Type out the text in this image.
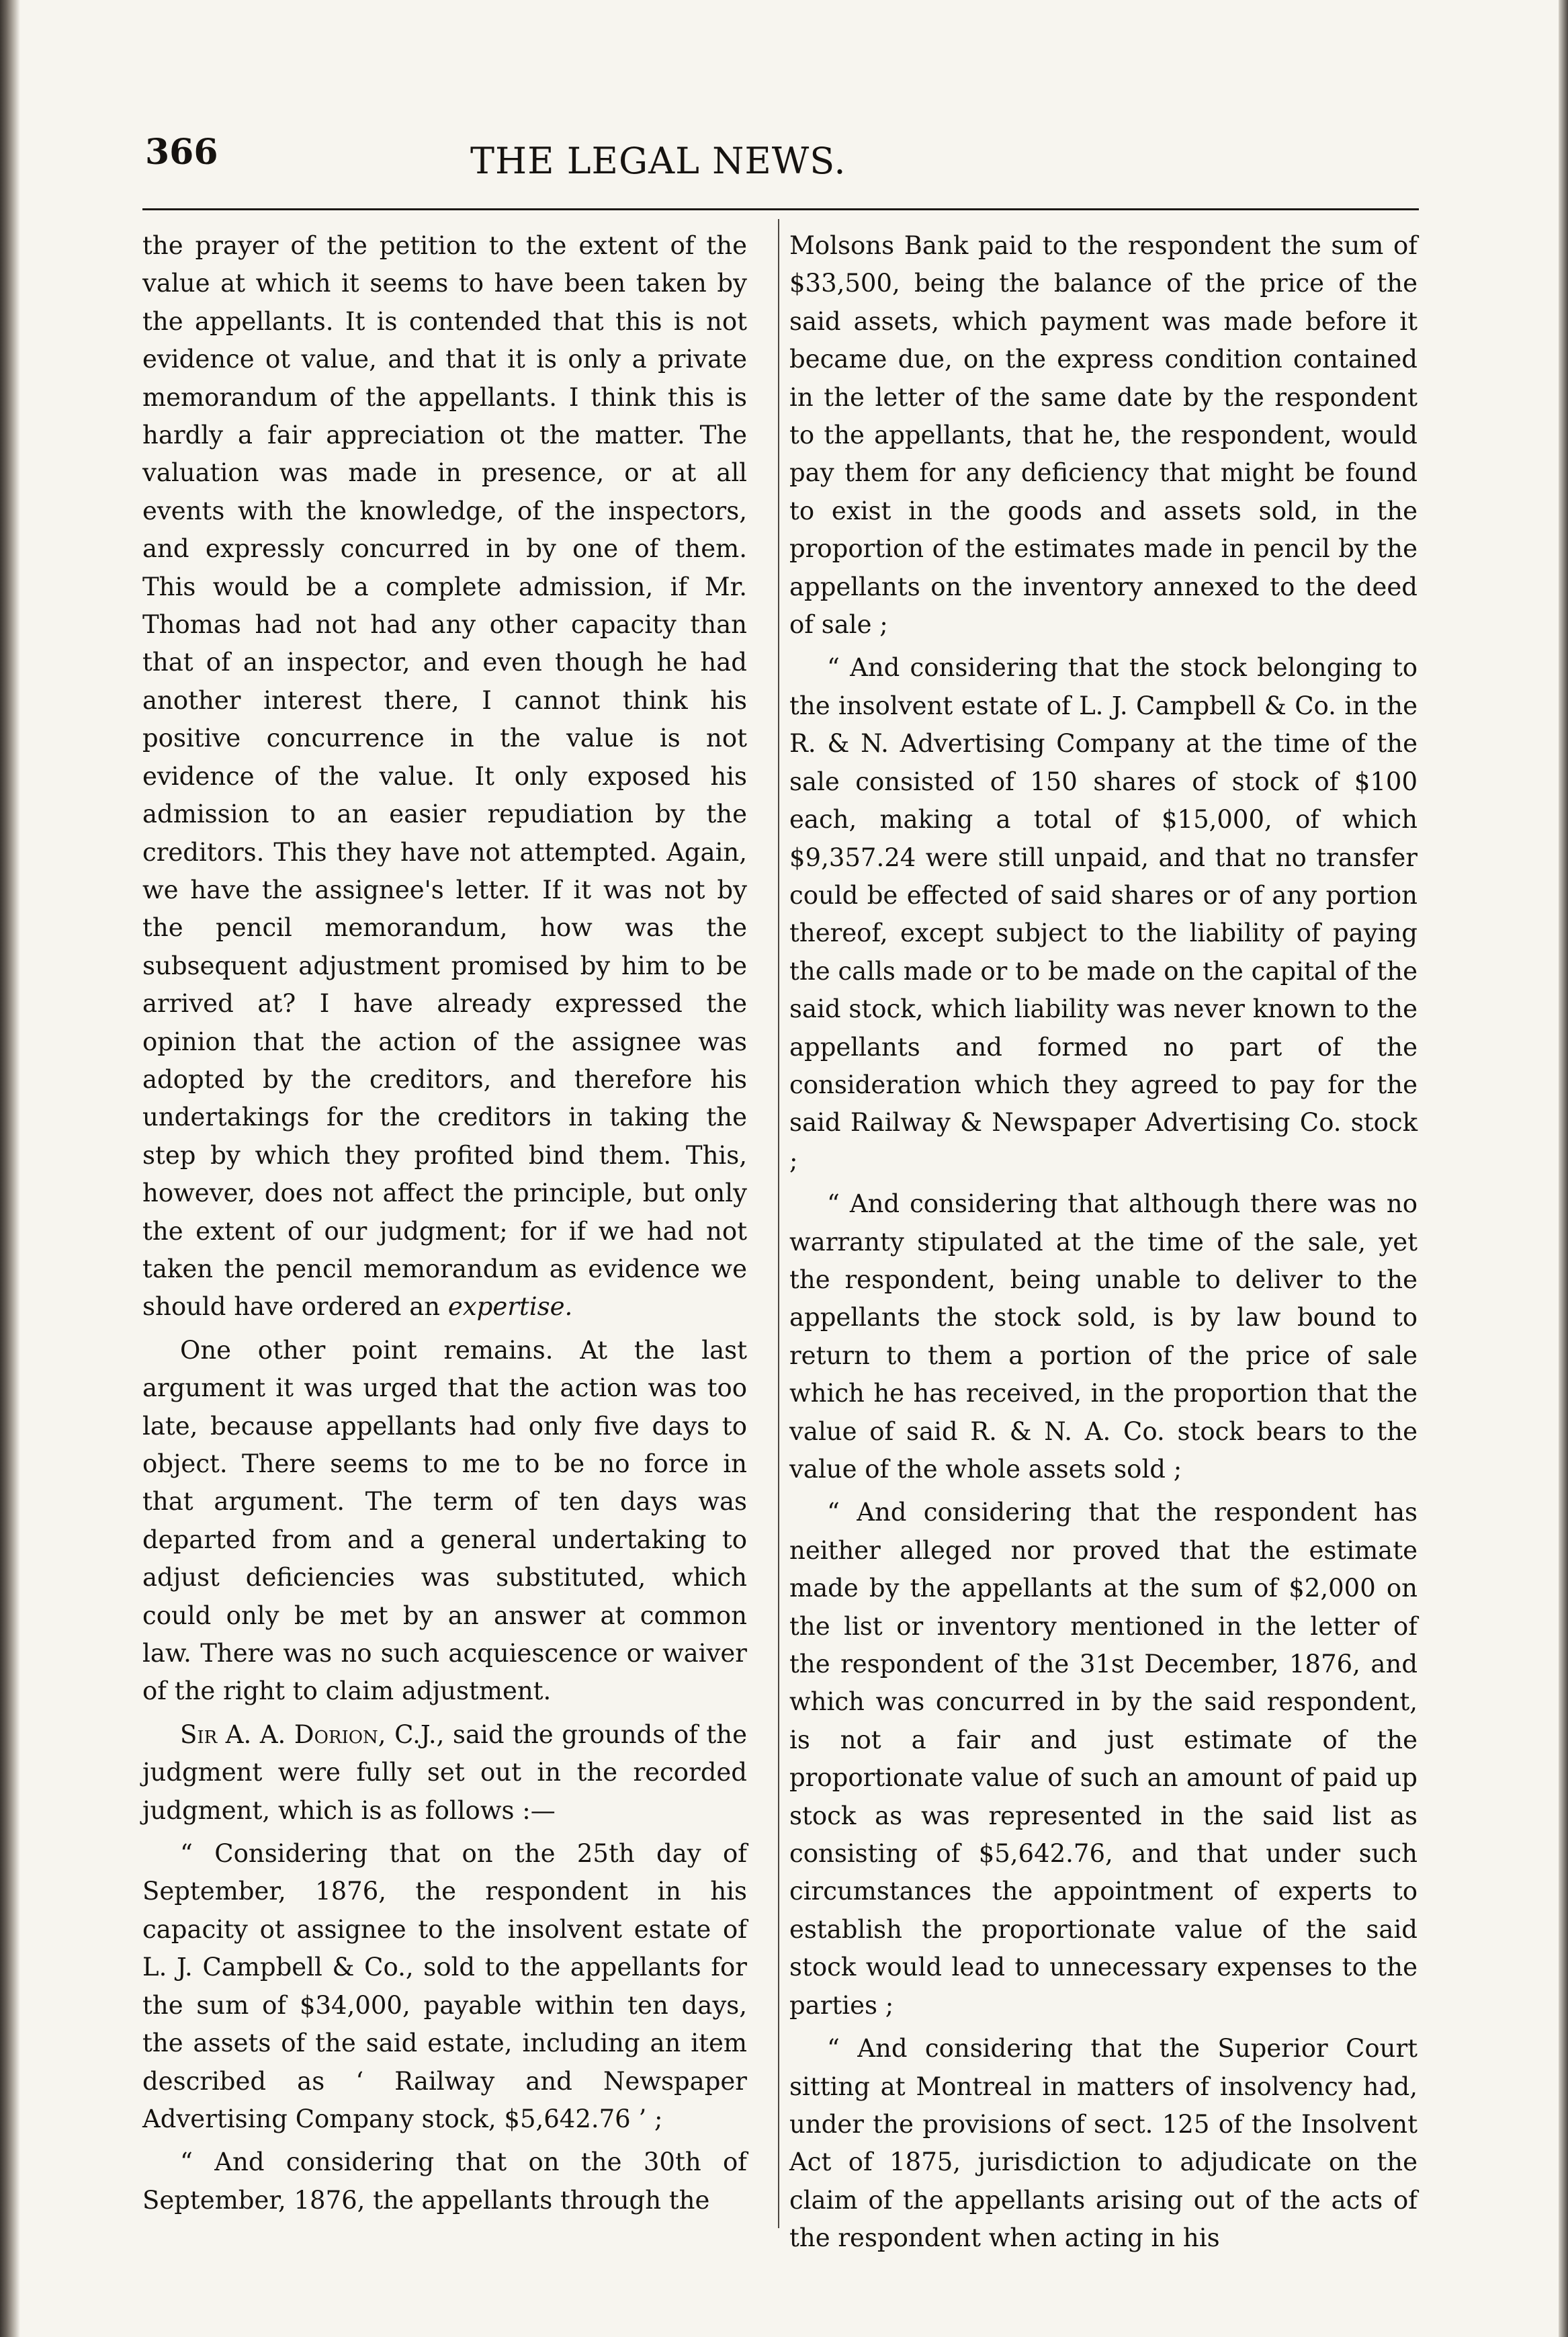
366	THE LEGAL NEWS.

the prayer of the petition to the extent of the value at which it seems to have been taken by the appellants. It is contended that this is not evidence ot value, and that it is only a private memorandum of the appellants. I think this is hardly a fair appreciation ot the matter. The valuation was made in presence, or at all events with the knowledge, of the inspectors, and expressly concurred in by one of them. This would be a complete admission, if Mr. Thomas had not had any other capacity than that of an inspector, and even though he had another interest there, I cannot think his positive concurrence in the value is not evidence of the value. It only exposed his admission to an easier repudiation by the creditors. This they have not attempted. Again, we have the assignee's letter. If it was not by the pencil memorandum, how was the subsequent adjustment promised by him to be arrived at? I have already expressed the opinion that the action of the assignee was adopted by the creditors, and therefore his undertakings for the creditors in taking the step by which they profited bind them. This, however, does not affect the principle, but only the extent of our judgment; for if we had not taken the pencil memorandum as evidence we should have ordered an expertise.

One other point remains. At the last argument it was urged that the action was too late, because appellants had only five days to object. There seems to me to be no force in that argument. The term of ten days was departed from and a general undertaking to adjust deficiencies was substituted, which could only be met by an answer at common law. There was no such acquiescence or waiver of the right to claim adjustment.

Sir A. A. Dorion, C.J., said the grounds of the judgment were fully set out in the recorded judgment, which is as follows :—

“ Considering that on the 25th day of September, 1876, the respondent in his capacity ot assignee to the insolvent estate of L. J. Campbell & Co., sold to the appellants for the sum of $34,000, payable within ten days, the assets of the said estate, including an item described as ‘ Railway and Newspaper Advertising Company stock, $5,642.76 ’ ;

“ And considering that on the 30th of September, 1876, the appellants through the

Molsons Bank paid to the respondent the sum of $33,500, being the balance of the price of the said assets, which payment was made before it became due, on the express condition contained in the letter of the same date by the respondent to the appellants, that he, the respondent, would pay them for any deficiency that might be found to exist in the goods and assets sold, in the proportion of the estimates made in pencil by the appellants on the inventory annexed to the deed of sale ;

“ And considering that the stock belonging to the insolvent estate of L. J. Campbell & Co. in the R. & N. Advertising Company at the time of the sale consisted of 150 shares of stock of $100 each, making a total of $15,000, of which $9,357.24 were still unpaid, and that no transfer could be effected of said shares or of any portion thereof, except subject to the liability of paying the calls made or to be made on the capital of the said stock, which liability was never known to the appellants and formed no part of the consideration which they agreed to pay for the said Railway & Newspaper Advertising Co. stock ;

“ And considering that although there was no warranty stipulated at the time of the sale, yet the respondent, being unable to deliver to the appellants the stock sold, is by law bound to return to them a portion of the price of sale which he has received, in the proportion that the value of said R. & N. A. Co. stock bears to the value of the whole assets sold ;

“ And considering that the respondent has neither alleged nor proved that the estimate made by the appellants at the sum of $2,000 on the list or inventory mentioned in the letter of the respondent of the 31st December, 1876, and which was concurred in by the said respondent, is not a fair and just estimate of the proportionate value of such an amount of paid up stock as was represented in the said list as consisting of $5,642.76, and that under such circumstances the appointment of experts to establish the proportionate value of the said stock would lead to unnecessary expenses to the parties ;

“ And considering that the Superior Court sitting at Montreal in matters of insolvency had, under the provisions of sect. 125 of the Insolvent Act of 1875, jurisdiction to adjudicate on the claim of the appellants arising out of the acts of the respondent when acting in his
